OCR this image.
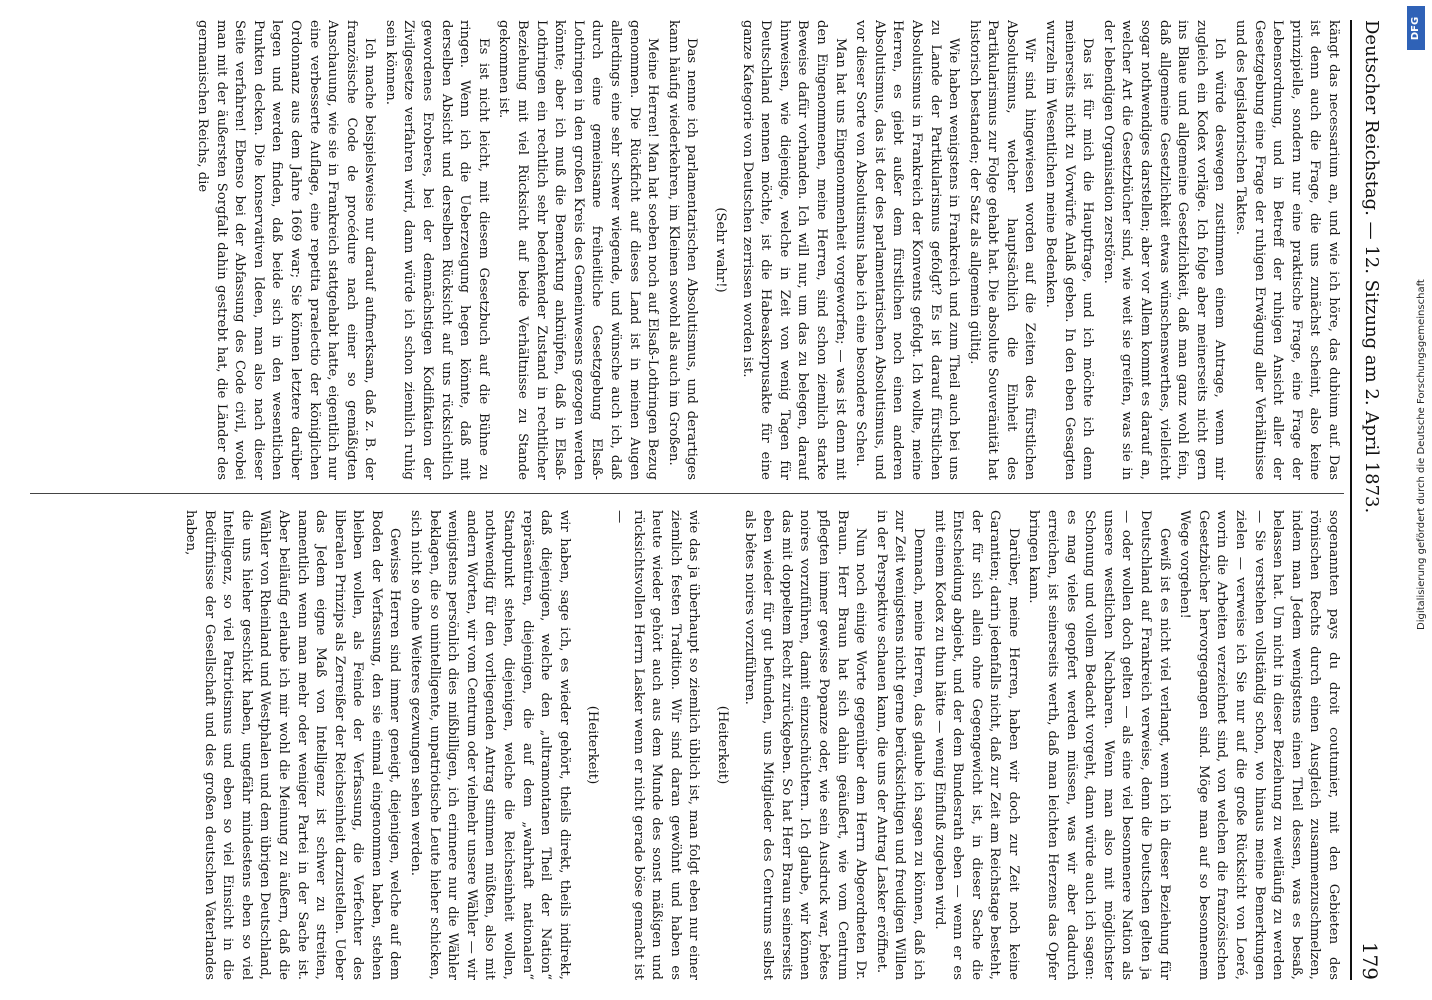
Deutscher Reichstag. — 12. Sitzung am 2. April 1873.
179

kängt das necessarium an, und wie ich höre, das dubium auf. Das ist denn auch die Frage, die uns zunächst scheint, also keine prinzipielle, sondern nur eine praktische Frage, eine Frage der Lebensordnung, und in Betreff der ruhigen Ansicht aller der Gesetzgebung eine Frage der ruhigen Erwägung aller Verhältnisse und des legislatorischen Taktes.

Ich würde deswegen zustimmen einem Antrage, wenn mir zugleich ein Kodex vorläge. Ich folge aber meinerseits nicht gern ins Blaue und allgemeine Gesetzlichkeit, daß man ganz wohl fein, daß allgemeine Gesetzlichkeit etwas wünschenswerthes, vielleicht sogar nothwendiges darstellen; aber vor Allem kommt es darauf an, welcher Art die Gesetzbücher sind, wie weit sie greifen, was sie in der lebendigen Organisation zerstören.

Das ist für mich die Hauptfrage, und ich möchte ich denn meinerseits nicht zu Vorwürfe Anlaß geben. In den eben Gesagten wurzeln im Wesentlichen meine Bedenken.

Wir sind hingewiesen worden auf die Zeiten des fürstlichen Absolutismus, welcher hauptsächlich die Einheit des Partikularismus zur Folge gehabt hat. Die absolute Souveränität hat historisch bestanden; der Satz als allgemein gültig.

Wie haben wenigstens in Frankreich und zum Theil auch bei uns zu Lande der Partikularismus gefolgt? Es ist darauf fürstlichen Absolutismus in Frankreich der Konvents gefolgt. Ich wollte, meine Herren, es giebt außer dem fürstlichen noch einen anderen Absolutismus, das ist der des parlamentarischen Absolutismus, und vor dieser Sorte von Absolutismus habe ich eine besondere Scheu.

Man hat uns Eingenommenheit vorgeworfen; — was ist denn mit den Eingenommenen, meine Herren, sind schon ziemlich starke Beweise dafür vorhanden. Ich will nur, um das zu belegen, darauf hinweisen, wie diejenige, welche in Zeit von wenig Tagen für Deutschland nennen möchte, ist die Habeaskorpusakte für eine ganze Kategorie von Deutschen zerrissen worden ist.

(Sehr wahr!)

Das nenne ich parlamentarischen Absolutismus, und derartiges kann häufig wiederkehren, im Kleinen sowohl als auch im Großen.

Meine Herren! Man hat soeben noch auf Elsaß-Lothringen Bezug genommen. Die Rückficht auf dieses Land ist in meinen Augen allerdings eine sehr schwer wiegende, und wünsche auch ich, daß durch eine gemeinsame freiheitliche Gesetzgebung Elsaß-Lothringen in den großen Kreis des Gemeinwesens gezogen werden könnte; aber ich muß die Bemerkung anknüpfen, daß in Elsaß-Lothringen ein rechtlich sehr bedenkender Zustand in rechtlicher Beziehung mit viel Rücksicht auf beide Verhältnisse zu Stande gekommen ist.

Es ist nicht leicht, mit diesem Gesetzbuch auf die Bühne zu ringen. Wenn ich die Ueberzeugung hegen könnte, daß mit derselben Absicht und derselben Rücksicht auf uns rücksichtlich gewordenes Eroberes, bei der demnächstigen Kodifikation der Zivilgesetze verfahren wird, dann würde ich schon ziemlich ruhig sein können.

Ich mache beispielsweise nur darauf aufmerksam, daß z. B. der französische Code de procédure nach einer so gemäßigten Anschauung, wie sie in Frankreich stattgehabt hatte, eigentlich nur eine verbesserte Auflage, eine repetita praelectio der königlichen Ordonnanz aus dem Jahre 1669 war; Sie können letztere darüber legen und werden finden, daß beide sich in den wesentlichen Punkten decken. Die konservativen Ideen, man also nach dieser Seite verfahren! Ebenso bei der Abfassung des Code civil, wobei man mit der äußersten Sorgfalt dahin gestrebt hat, die Länder des germanischen Reichs, die

sogenannten pays du droit coutumier, mit den Gebieten des römischen Rechts durch einen Ausgleich zusammenzuschmelzen, indem man Jedem wenigstens einen Theil dessen, was es besaß, belassen hat. Um nicht in dieser Beziehung zu weitläufig zu werden — Sie verstehen vollständig schon, wo hinaus meine Bemerkungen zielen — verweise ich Sie nur auf die große Rücksicht von Loeré, worin die Arbeiten verzeichnet sind, von welchen die französischen Gesetzbücher hervorgegangen sind. Möge man auf so besonnenem Wege vorgehen!

Gewiß ist es nicht viel verlangt, wenn ich in dieser Beziehung für Deutschland auf Frankreich verweise, denn die Deutschen gelten ja — oder wollen doch gelten — als eine viel besonnenere Nation als unsere westlichen Nachbaren. Wenn man also mit möglichster Schonung und vollem Bedacht vorgeht, dann würde auch ich sagen: es mag vieles geopfert werden müssen, was wir aber dadurch erreichen, ist seinerseits werth, daß man leichten Herzens das Opfer bringen kann.

Darüber, meine Herren, haben wir doch zur Zeit noch keine Garantien; darin jedenfalls nicht, daß zur Zeit am Reichstage besteht, der für sich allein ohne Gegengewicht ist, in dieser Sache die Entscheidung abgiebt, und der dem Bundesrath eben — wenn er es mit einem Kodex zu thun hätte — wenig Einfluß zugeben wird.

Demnach, meine Herren, das glaube ich sagen zu können, daß ich zur Zeit wenigstens nicht gerne berücksichtigen und freudigen Willen in der Perspektive schauen kann, die uns der Antrag Lasker eröffnet.

Nun noch einige Worte gegenüber dem Herrn Abgeordneten Dr. Braun. Herr Braun hat sich dahin geäußert, wie vom Centrum pflegten immer gewisse Popanze oder, wie sein Ausdruck war, bêtes noires vorzuführen, damit einzuschüchtern. Ich glaube, wir können das mit doppeltem Recht zurückgeben. So hat Herr Braun seinerseits eben wieder für gut befunden, uns Mitglieder des Centrums selbst als bêtes noires vorzuführen.

(Heiterkeit)

wie das ja überhaupt so ziemlich üblich ist, man folgt eben nur einer ziemlich festen Tradition. Wir sind daran gewöhnt und haben es heute wieder gehört auch aus dem Munde des sonst mäßigen und rücksichtsvollen Herrn Lasker wenn er nicht gerade böse gemacht ist —

(Heiterkeit)

wir haben, sage ich, es wieder gehört, theils direkt, theils indirekt, daß diejenigen, welche den „ultramontanen Theil der Nation“ repräsentiren, diejenigen, die auf dem „wahrhaft nationalen“ Standpunkt stehen, diejenigen, welche die Reichseinheit wollen, nothwendig für den vorliegenden Antrag stimmen müßten, also mit andern Worten, wir vom Centrum oder vielmehr unsere Wähler — wir wenigstens persönlich dies mißbilligen, ich erinnere nur die Wähler beklagen, die so unintelligente, unpatriotische Leute hieher schicken, sich nicht so ohne Weiteres gezwungen sehen werden.

Gewisse Herren sind immer geneigt, diejenigen, welche auf dem Boden der Verfassung, den sie einmal eingenommen haben, stehen bleiben wollen, als Feinde der Verfassung, die Verfechter des liberalen Prinzips als Zerreißer der Reichseinheit darzustellen. Ueber das Jedem eigne Maß von Intelligenz ist schwer zu streiten, namentlich wenn man mehr oder weniger Partei in der Sache ist. Aber beiläufig erlaube ich mir wohl die Meinung zu äußern, daß die Wähler von Rheinland und Westphalen und dem übrigen Deutschland, die uns hieher geschickt haben, ungefähr mindestens eben so viel Intelligenz, so viel Patriotismus und eben so viel Einsicht in die Bedürfnisse der Gesellschaft und des großen deutschen Vaterlandes haben,

DFG
Digitalisierung gefördert durch die Deutsche Forschungsgemeinschaft
